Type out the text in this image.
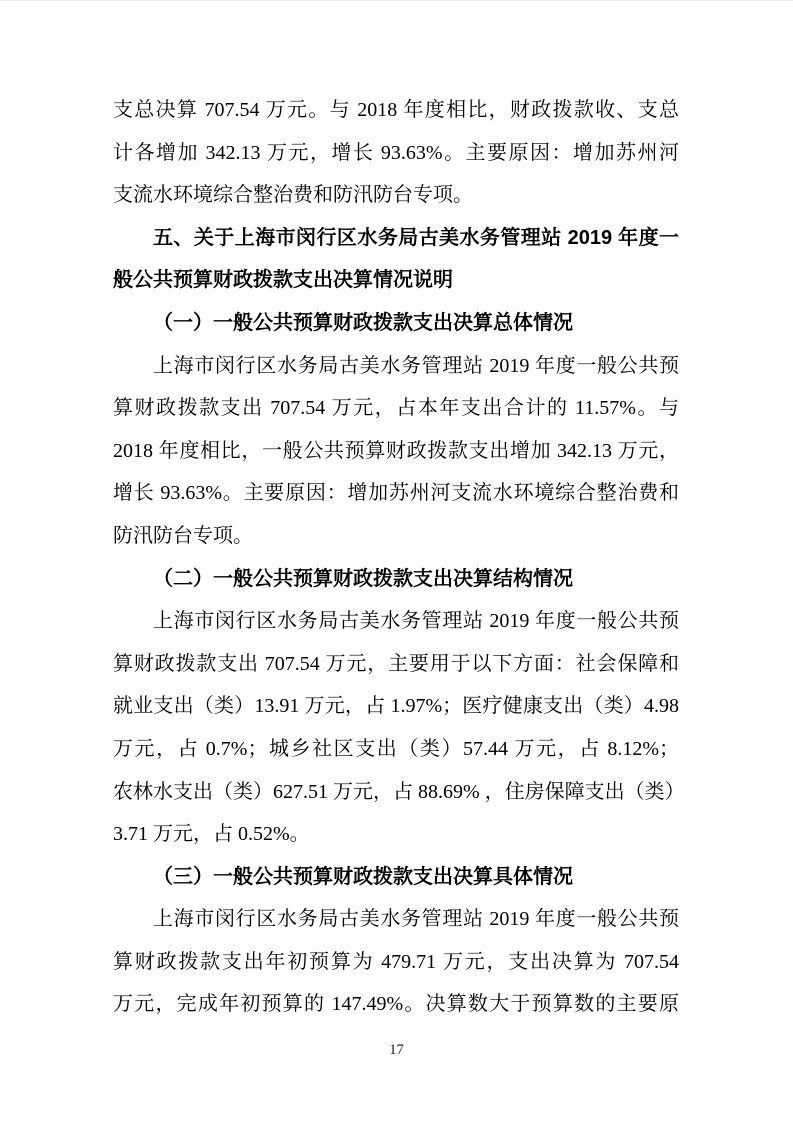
支总决算 707.54 万元。与 2018 年度相比，财政拨款收、支总
计各增加 342.13 万元，增长 93.63%。主要原因：增加苏州河
支流水环境综合整治费和防汛防台专项。
五、关于上海市闵行区水务局古美水务管理站 2019 年度一
般公共预算财政拨款支出决算情况说明
（一）一般公共预算财政拨款支出决算总体情况
上海市闵行区水务局古美水务管理站 2019 年度一般公共预
算财政拨款支出 707.54 万元，占本年支出合计的 11.57%。与
2018 年度相比，一般公共预算财政拨款支出增加 342.13 万元，
增长 93.63%。主要原因：增加苏州河支流水环境综合整治费和
防汛防台专项。
（二）一般公共预算财政拨款支出决算结构情况
上海市闵行区水务局古美水务管理站 2019 年度一般公共预
算财政拨款支出 707.54 万元，主要用于以下方面：社会保障和
就业支出（类）13.91 万元，占 1.97%；医疗健康支出（类）4.98
万元，占 0.7%；城乡社区支出（类）57.44 万元，占 8.12%；
农林水支出（类）627.51 万元，占 88.69% ，住房保障支出（类）
3.71 万元，占 0.52%。
（三）一般公共预算财政拨款支出决算具体情况
上海市闵行区水务局古美水务管理站 2019 年度一般公共预
算财政拨款支出年初预算为 479.71 万元，支出决算为 707.54
万元，完成年初预算的 147.49%。决算数大于预算数的主要原
17
